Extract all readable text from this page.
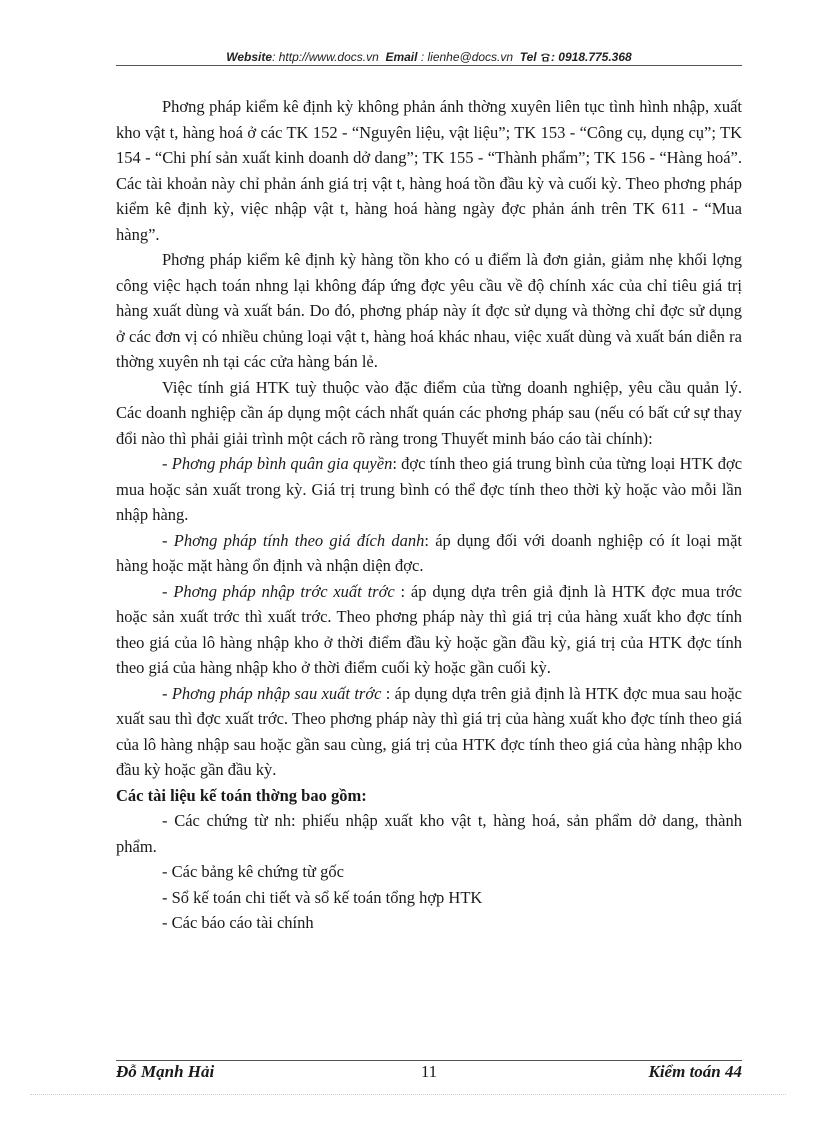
Website: http://www.docs.vn Email : lienhe@docs.vn Tel : 0918.775.368

Phơng pháp kiểm kê định kỳ không phản ánh thờng xuyên liên tục tình hình nhập, xuất kho vật t, hàng hoá ở các TK 152 - “Nguyên liệu, vật liệu”; TK 153 - “Công cụ, dụng cụ”; TK 154 - “Chi phí sản xuất kinh doanh dở dang”; TK 155 - “Thành phẩm”; TK 156 - “Hàng hoá”. Các tài khoản này chỉ phản ánh giá trị vật t, hàng hoá tồn đầu kỳ và cuối kỳ. Theo phơng pháp kiểm kê định kỳ, việc nhập vật t, hàng hoá hàng ngày đợc phản ánh trên TK 611 - “Mua hàng”.

Phơng pháp kiểm kê định kỳ hàng tồn kho có u điểm là đơn giản, giảm nhẹ khối lợng công việc hạch toán nhng lại không đáp ứng đợc yêu cầu về độ chính xác của chỉ tiêu giá trị hàng xuất dùng và xuất bán. Do đó, phơng pháp này ít đợc sử dụng và thờng chỉ đợc sử dụng ở các đơn vị có nhiều chủng loại vật t, hàng hoá khác nhau, việc xuất dùng và xuất bán diễn ra thờng xuyên nh tại các cửa hàng bán lẻ.

Việc tính giá HTK tuỳ thuộc vào đặc điểm của từng doanh nghiệp, yêu cầu quản lý. Các doanh nghiệp cần áp dụng một cách nhất quán các phơng pháp sau (nếu có bất cứ sự thay đổi nào thì phải giải trình một cách rõ ràng trong Thuyết minh báo cáo tài chính):

- Phơng pháp bình quân gia quyền: đợc tính theo giá trung bình của từng loại HTK đợc mua hoặc sản xuất trong kỳ. Giá trị trung bình có thể đợc tính theo thời kỳ hoặc vào mỗi lần nhập hàng.

- Phơng pháp tính theo giá đích danh: áp dụng đối với doanh nghiệp có ít loại mặt hàng hoặc mặt hàng ổn định và nhận diện đợc.

- Phơng pháp nhập trớc xuất trớc : áp dụng dựa trên giả định là HTK đợc mua trớc hoặc sản xuất trớc thì xuất trớc. Theo phơng pháp này thì giá trị của hàng xuất kho đợc tính theo giá của lô hàng nhập kho ở thời điểm đầu kỳ hoặc gần đầu kỳ, giá trị của HTK đợc tính theo giá của hàng nhập kho ở thời điểm cuối kỳ hoặc gần cuối kỳ.

- Phơng pháp nhập sau xuất trớc : áp dụng dựa trên giả định là HTK đợc mua sau hoặc xuất sau thì đợc xuất trớc. Theo phơng pháp này thì giá trị của hàng xuất kho đợc tính theo giá của lô hàng nhập sau hoặc gần sau cùng, giá trị của HTK đợc tính theo giá của hàng nhập kho đầu kỳ hoặc gần đầu kỳ.

Các tài liệu kế toán thờng bao gồm:

- Các chứng từ nh: phiếu nhập xuất kho vật t, hàng hoá, sản phẩm dở dang, thành phẩm.

- Các bảng kê chứng từ gốc

- Sổ kế toán chi tiết và sổ kế toán tổng hợp HTK

- Các báo cáo tài chính

Đỗ Mạnh Hải	11	Kiểm toán 44
